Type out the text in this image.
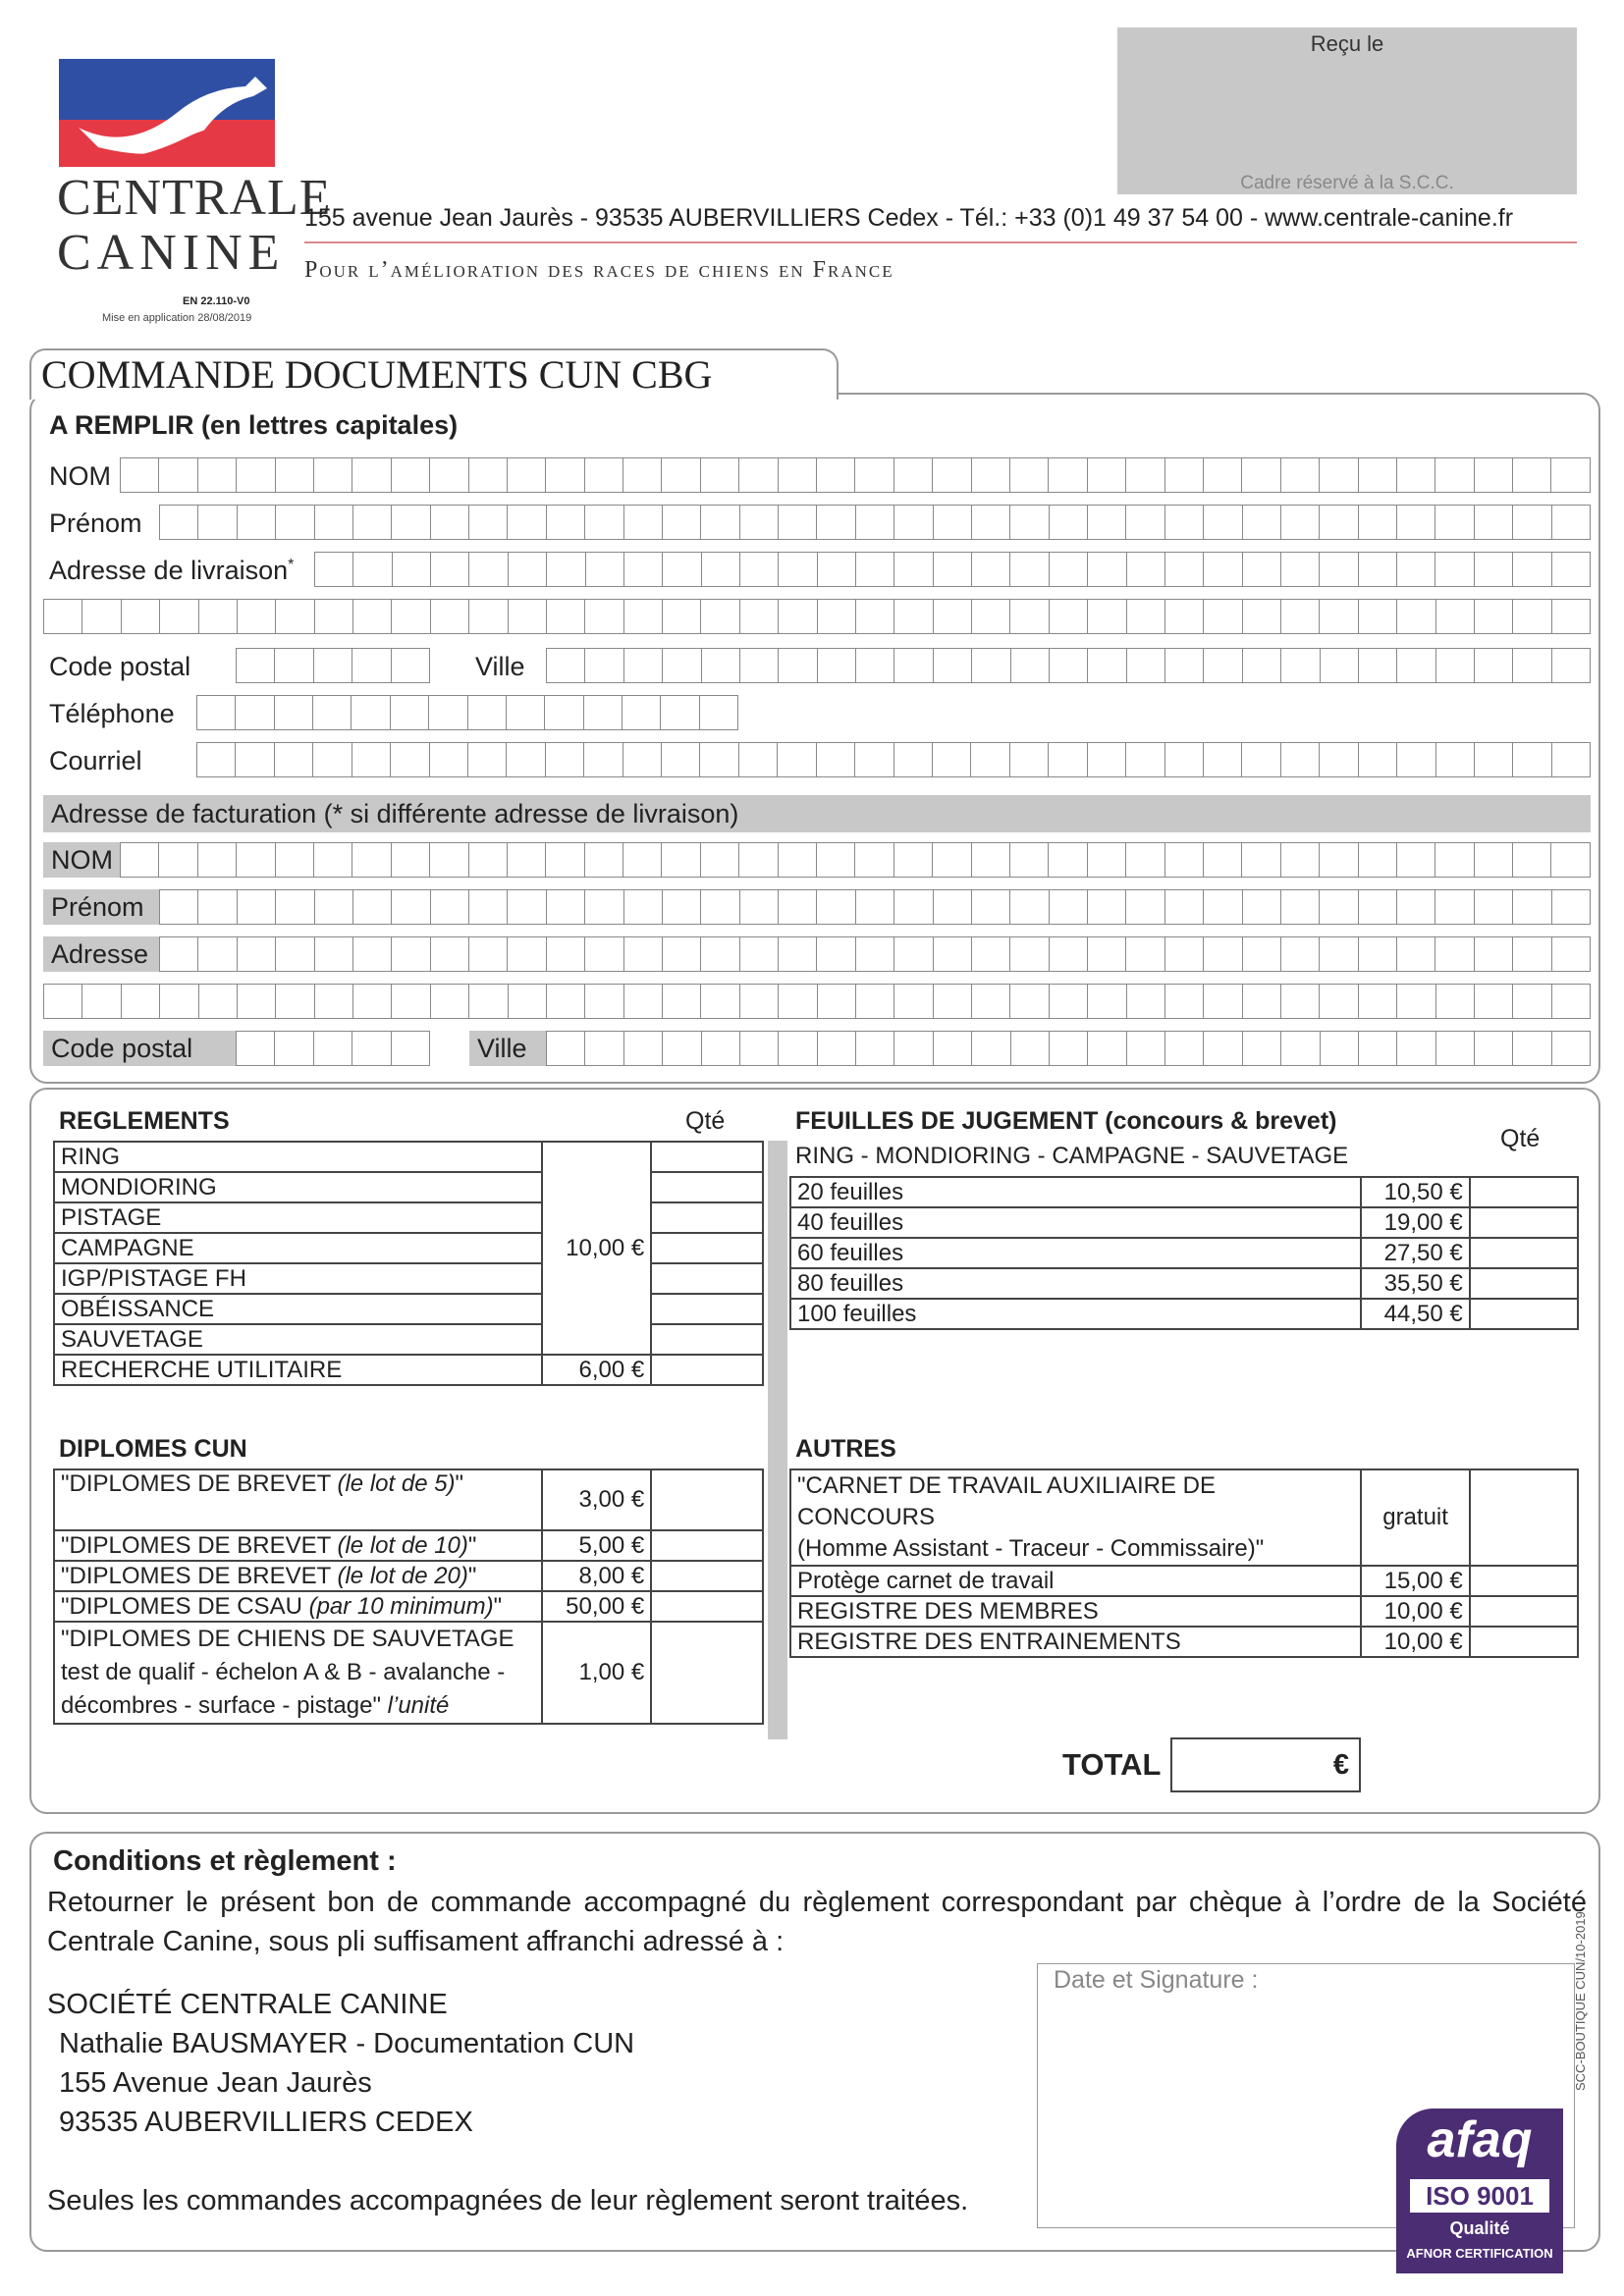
CENTRALE
CANINE
EN 22.110-V0
Mise en application 28/08/2019
Reçu le
Cadre réservé à la S.C.C.
155 avenue Jean Jaurès - 93535 AUBERVILLIERS Cedex - Tél.: +33 (0)1 49 37 54 00 - www.centrale-canine.fr
Pour l’amélioration des races de chiens en France
COMMANDE DOCUMENTS CUN CBG
A REMPLIR (en lettres capitales)
NOM
Prénom
Adresse de livraison*
Code postal	Ville
Téléphone
Courriel
Adresse de facturation (* si différente adresse de livraison)
NOM
Prénom
Adresse
Code postal	Ville
REGLEMENTS	Qté
RING	10,00 €	
MONDIORING		
PISTAGE		
CAMPAGNE		
IGP/PISTAGE FH		
OBÉISSANCE		
SAUVETAGE		
RECHERCHE UTILITAIRE	6,00 €	
DIPLOMES CUN
"DIPLOMES DE BREVET (le lot de 5)"	3,00 €	
"DIPLOMES DE BREVET (le lot de 10)"	5,00 €	
"DIPLOMES DE BREVET (le lot de 20)"	8,00 €	
"DIPLOMES DE CSAU (par 10 minimum)"	50,00 €	
"DIPLOMES DE CHIENS DE SAUVETAGE
test de qualif - échelon A & B - avalanche -
décombres - surface - pistage" l’unité	1,00 €	
FEUILLES DE JUGEMENT (concours & brevet)
Qté
RING - MONDIORING - CAMPAGNE - SAUVETAGE
20 feuilles	10,50 €	
40 feuilles	19,00 €	
60 feuilles	27,50 €	
80 feuilles	35,50 €	
100 feuilles	44,50 €	
AUTRES
"CARNET DE TRAVAIL AUXILIAIRE DE CONCOURS
(Homme Assistant - Traceur - Commissaire)"	gratuit	
Protège carnet de travail	15,00 €	
REGISTRE DES MEMBRES	10,00 €	
REGISTRE DES ENTRAINEMENTS	10,00 €	
TOTAL	€
Conditions et règlement :
Retourner le présent bon de commande accompagné du règlement correspondant par chèque à l’ordre de la Société Centrale Canine, sous pli suffisament affranchi adressé à :
SOCIÉTÉ CENTRALE CANINE
Nathalie BAUSMAYER - Documentation CUN
155 Avenue Jean Jaurès
93535 AUBERVILLIERS CEDEX
Seules les commandes accompagnées de leur règlement seront traitées.
Date et Signature :	SCC-BOUTIQUE CUN/10-2019
afaq
ISO 9001
Qualité
AFNOR CERTIFICATION
